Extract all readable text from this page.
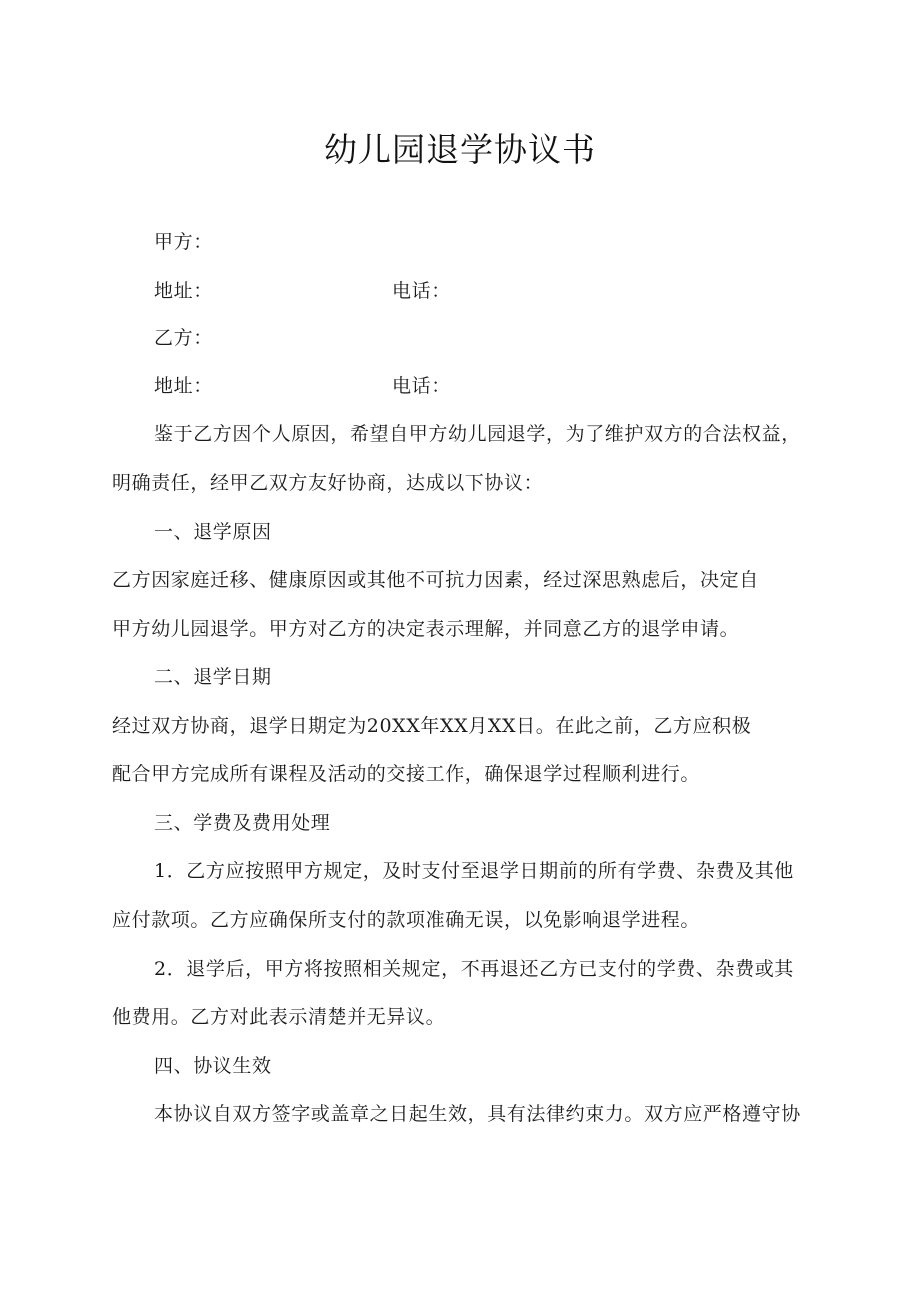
幼儿园退学协议书
甲方：
地址：	电话：
乙方：
地址：	电话：
鉴于乙方因个人原因，希望自甲方幼儿园退学，为了维护双方的合法权益，
明确责任，经甲乙双方友好协商，达成以下协议：
一、退学原因
乙方因家庭迁移、健康原因或其他不可抗力因素，经过深思熟虑后，决定自
甲方幼儿园退学。甲方对乙方的决定表示理解，并同意乙方的退学申请。
二、退学日期
经过双方协商，退学日期定为20XX年XX月XX日。在此之前，乙方应积极
配合甲方完成所有课程及活动的交接工作，确保退学过程顺利进行。
三、学费及费用处理
1．乙方应按照甲方规定，及时支付至退学日期前的所有学费、杂费及其他
应付款项。乙方应确保所支付的款项准确无误，以免影响退学进程。
2．退学后，甲方将按照相关规定，不再退还乙方已支付的学费、杂费或其
他费用。乙方对此表示清楚并无异议。
四、协议生效
本协议自双方签字或盖章之日起生效，具有法律约束力。双方应严格遵守协
